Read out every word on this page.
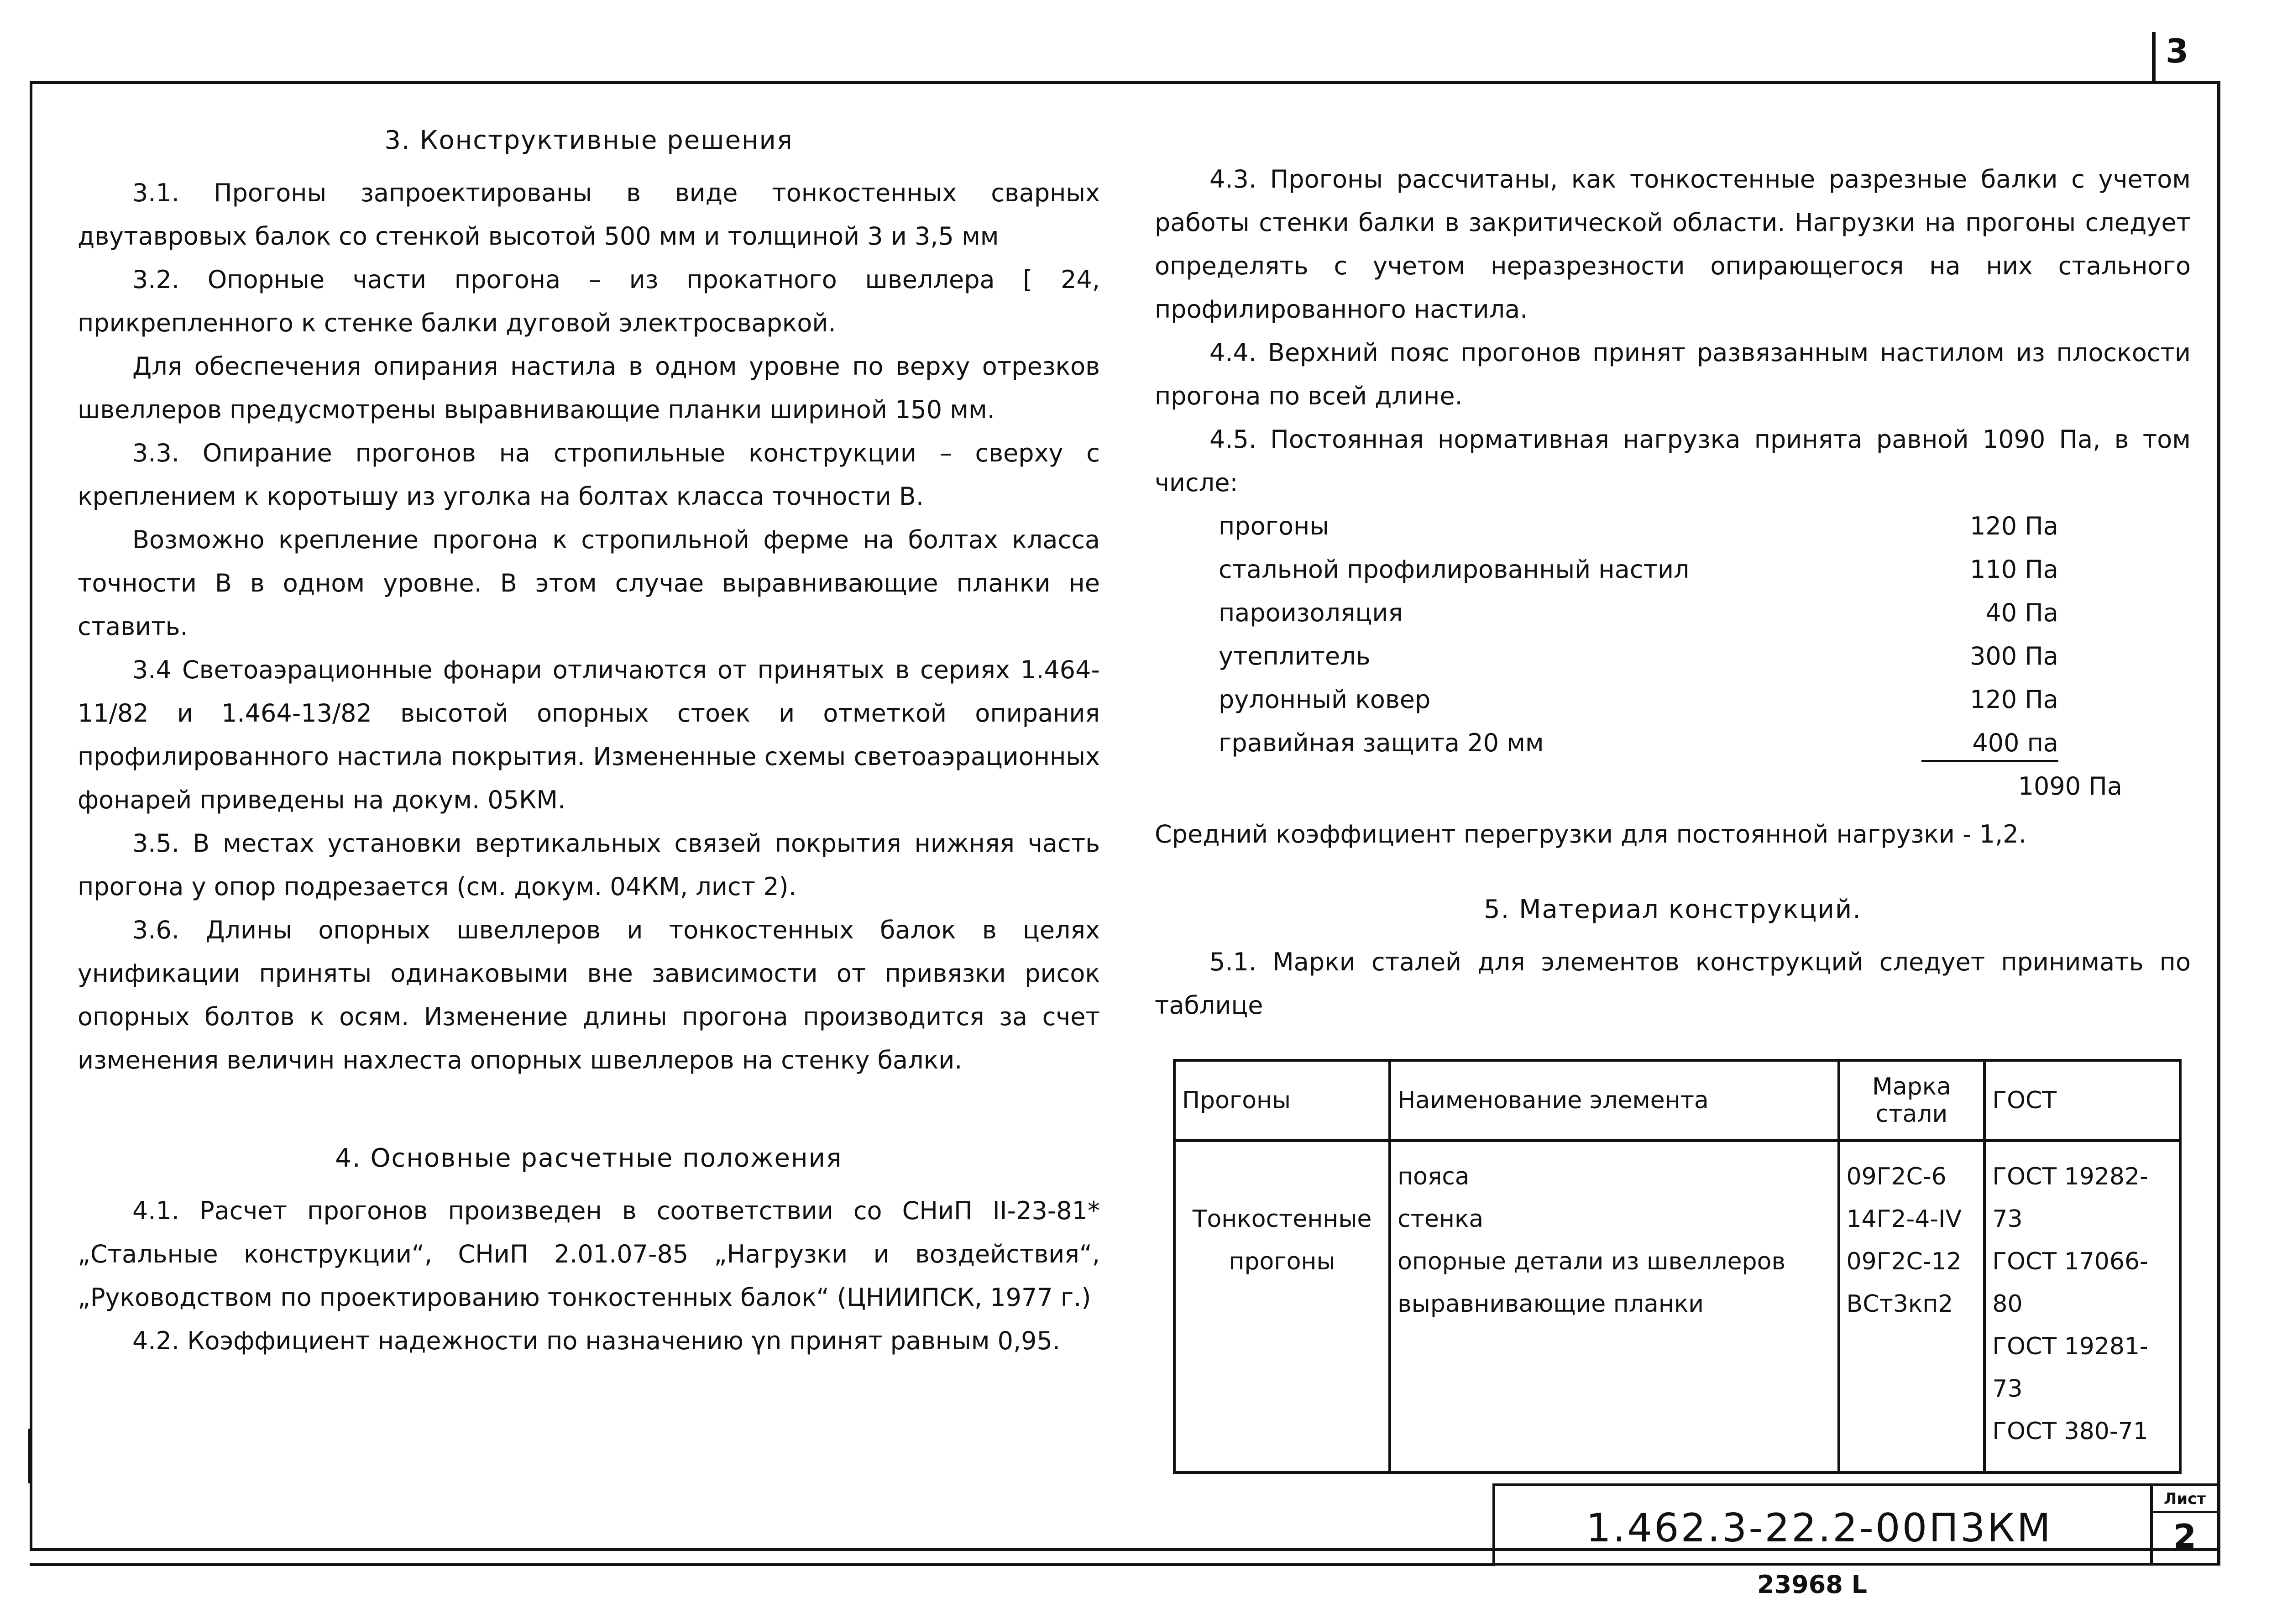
3
3. Конструктивные решения

3.1. Прогоны запроектированы в виде тонкостенных сварных двутавровых балок со стенкой высотой 500 мм и толщиной 3 и 3,5 мм

3.2. Опорные части прогона – из прокатного швеллера [ 24, прикрепленного к стенке балки дуговой электросваркой.

Для обеспечения опирания настила в одном уровне по верху отрезков швеллеров предусмотрены выравнивающие планки шириной 150 мм.

3.3. Опирание прогонов на стропильные конструкции – сверху с креплением к коротышу из уголка на болтах класса точности В.

Возможно крепление прогона к стропильной ферме на болтах класса точности В в одном уровне. В этом случае выравнивающие планки не ставить.

3.4 Светоаэрационные фонари отличаются от принятых в сериях 1.464-11/82 и 1.464-13/82 высотой опорных стоек и отметкой опирания профилированного настила покрытия. Измененные схемы светоаэрационных фонарей приведены на докум. 05КМ.

3.5. В местах установки вертикальных связей покрытия нижняя часть прогона у опор подрезается (см. докум. 04КМ, лист 2).

3.6. Длины опорных швеллеров и тонкостенных балок в целях унификации приняты одинаковыми вне зависимости от привязки рисок опорных болтов к осям. Изменение длины прогона производится за счет изменения величин нахлеста опорных швеллеров на стенку балки.

4. Основные расчетные положения

4.1. Расчет прогонов произведен в соответствии со СНиП II-23-81* „Стальные конструкции“, СНиП 2.01.07-85 „Нагрузки и воздействия“, „Руководством по проектированию тонкостенных балок“ (ЦНИИПСК, 1977 г.)

4.2. Коэффициент надежности по назначению γn принят равным 0,95.

4.3. Прогоны рассчитаны, как тонкостенные разрезные балки с учетом работы стенки балки в закритической области. Нагрузки на прогоны следует определять с учетом неразрезности опирающегося на них стального профилированного настила.

4.4. Верхний пояс прогонов принят развязанным настилом из плоскости прогона по всей длине.

4.5. Постоянная нормативная нагрузка принята равной 1090 Па, в том числе:

прогоны	120 Па
стальной профилированный настил	110 Па
пароизоляция	40 Па
утеплитель	300 Па
рулонный ковер	120 Па
гравийная защита 20 мм	400 па
1090 Па

Средний коэффициент перегрузки для постоянной нагрузки - 1,2.

5. Материал конструкций.

5.1. Марки сталей для элементов конструкций следует принимать по таблице

Прогоны	Наименование элемента	Марка стали	ГОСТ
Тонкостенные прогоны	пояса
стенка
опорные детали из швеллеров
выравнивающие планки	09Г2С-6
14Г2-4-IV
09Г2С-12
ВСт3кп2	ГОСТ 19282-73
ГОСТ 17066-80
ГОСТ 19281-73
ГОСТ 380-71
1.462.3-22.2-00П3КМ
Лист
2
23968 L
